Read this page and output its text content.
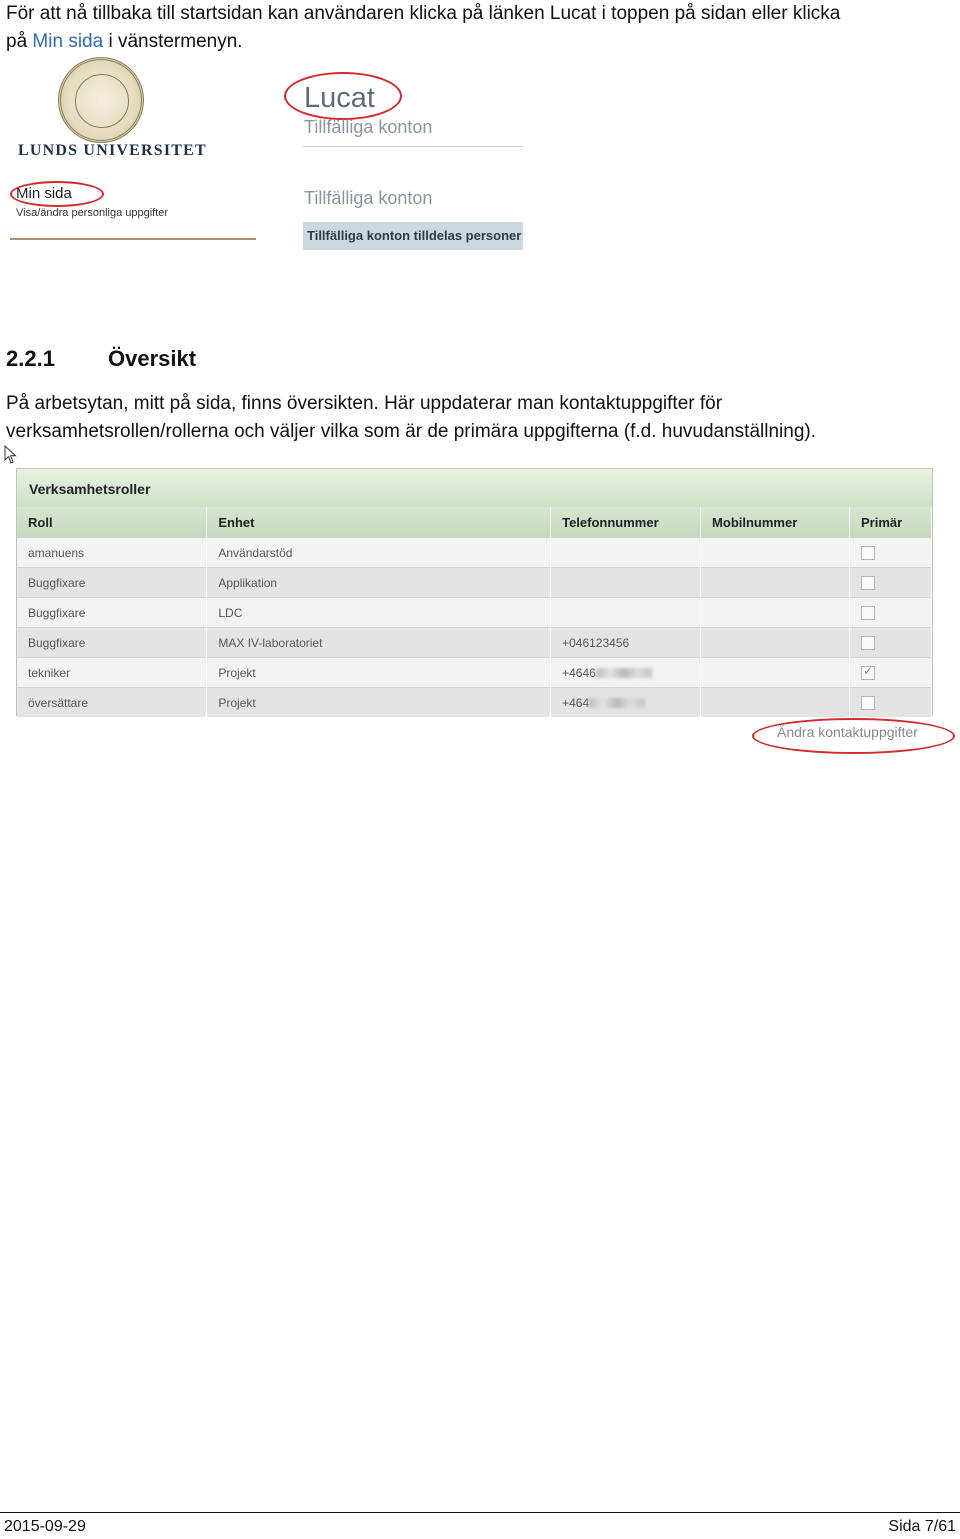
För att nå tillbaka till startsidan kan användaren klicka på länken Lucat i toppen på sidan eller klicka
på Min sida i vänstermenyn.
LUNDS UNIVERSITET
Min sida
Visa/ändra personliga uppgifter
Lucat
Tillfälliga konton
Tillfälliga konton
Tillfälliga konton tilldelas personer
2.2.1 Översikt
På arbetsytan, mitt på sida, finns översikten. Här uppdaterar man kontaktuppgifter för
verksamhetsrollen/rollerna och väljer vilka som är de primära uppgifterna (f.d. huvudanställning).
Verksamhetsroller
Roll	Enhet	Telefonnummer	Mobilnummer	Primär
amanuens	Användarstöd			
Buggfixare	Applikation			
Buggfixare	LDC			
Buggfixare	MAX IV-laboratoriet	+046123456		
tekniker	Projekt	+4646		✓
översättare	Projekt	+464		
Ändra kontaktuppgifter
2015-09-29	Sida 7/61
